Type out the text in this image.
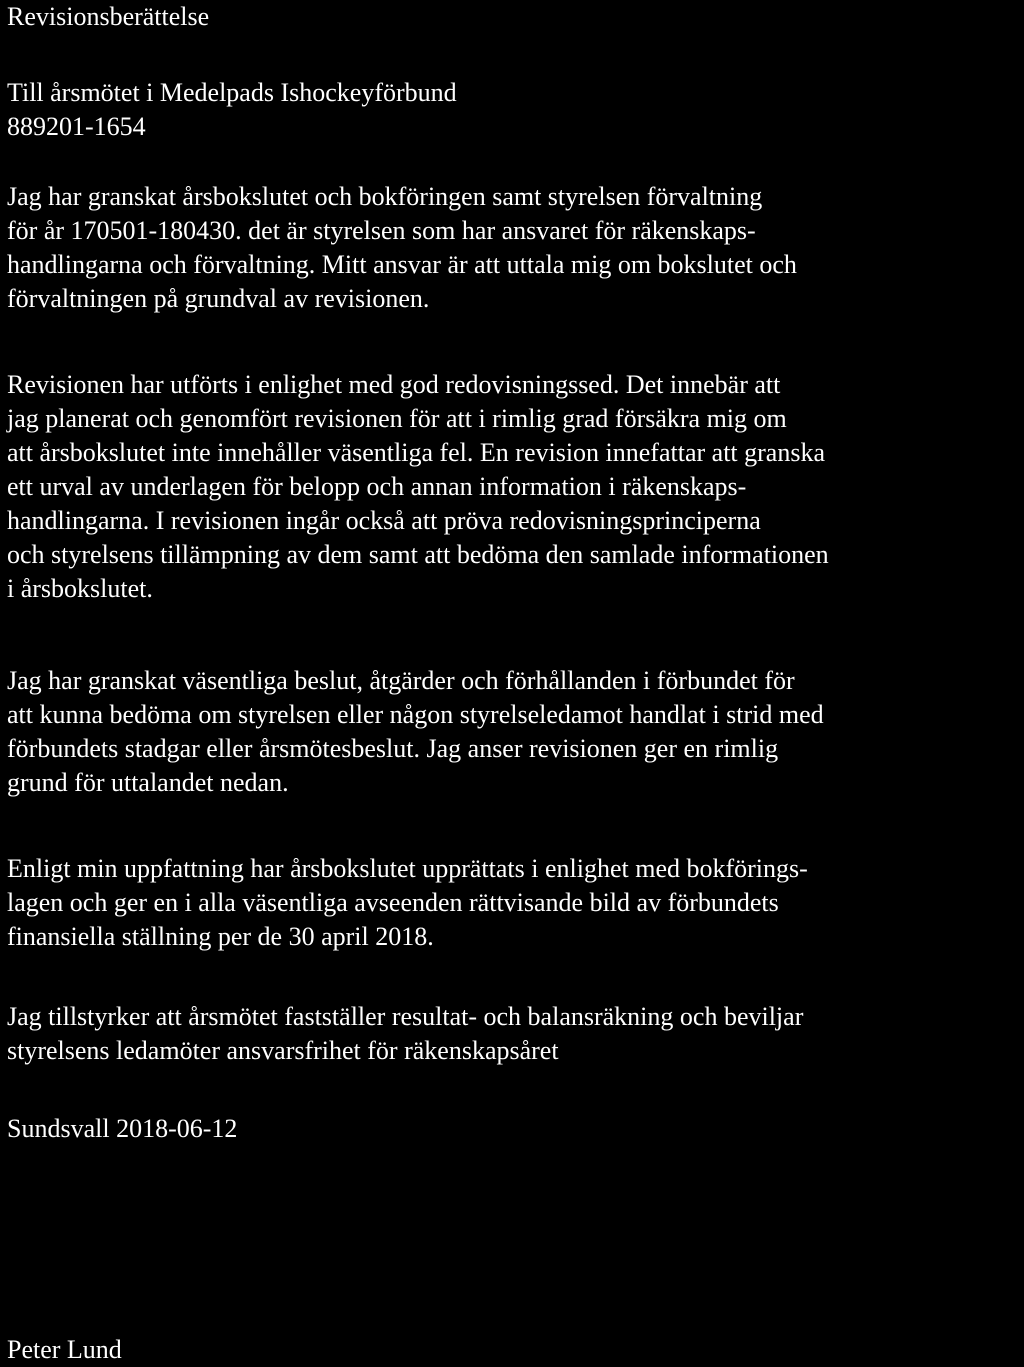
Revisionsberättelse
Till årsmötet i Medelpads Ishockeyförbund
889201-1654
Jag har granskat årsbokslutet och bokföringen samt styrelsen förvaltning
för år 170501-180430. det är styrelsen som har ansvaret för räkenskaps-
handlingarna och förvaltning. Mitt ansvar är att uttala mig om bokslutet och
förvaltningen på grundval av revisionen.
Revisionen har utförts i enlighet med god redovisningssed. Det innebär att
jag planerat och genomfört revisionen för att i rimlig grad försäkra mig om
att årsbokslutet inte innehåller väsentliga fel. En revision innefattar att granska
ett urval av underlagen för belopp och annan information i räkenskaps-
handlingarna. I revisionen ingår också att pröva redovisningsprinciperna
och styrelsens tillämpning av dem samt att bedöma den samlade informationen
i årsbokslutet.
Jag har granskat väsentliga beslut, åtgärder och förhållanden i förbundet för
att kunna bedöma om styrelsen eller någon styrelseledamot handlat i strid med
förbundets stadgar eller årsmötesbeslut. Jag anser revisionen ger en rimlig
grund för uttalandet nedan.
Enligt min uppfattning har årsbokslutet upprättats i enlighet med bokförings-
lagen och ger en i alla väsentliga avseenden rättvisande bild av förbundets
finansiella ställning per de 30 april 2018.
Jag tillstyrker att årsmötet fastställer resultat- och balansräkning och beviljar
styrelsens ledamöter ansvarsfrihet för räkenskapsåret
Sundsvall 2018-06-12
Peter Lund
